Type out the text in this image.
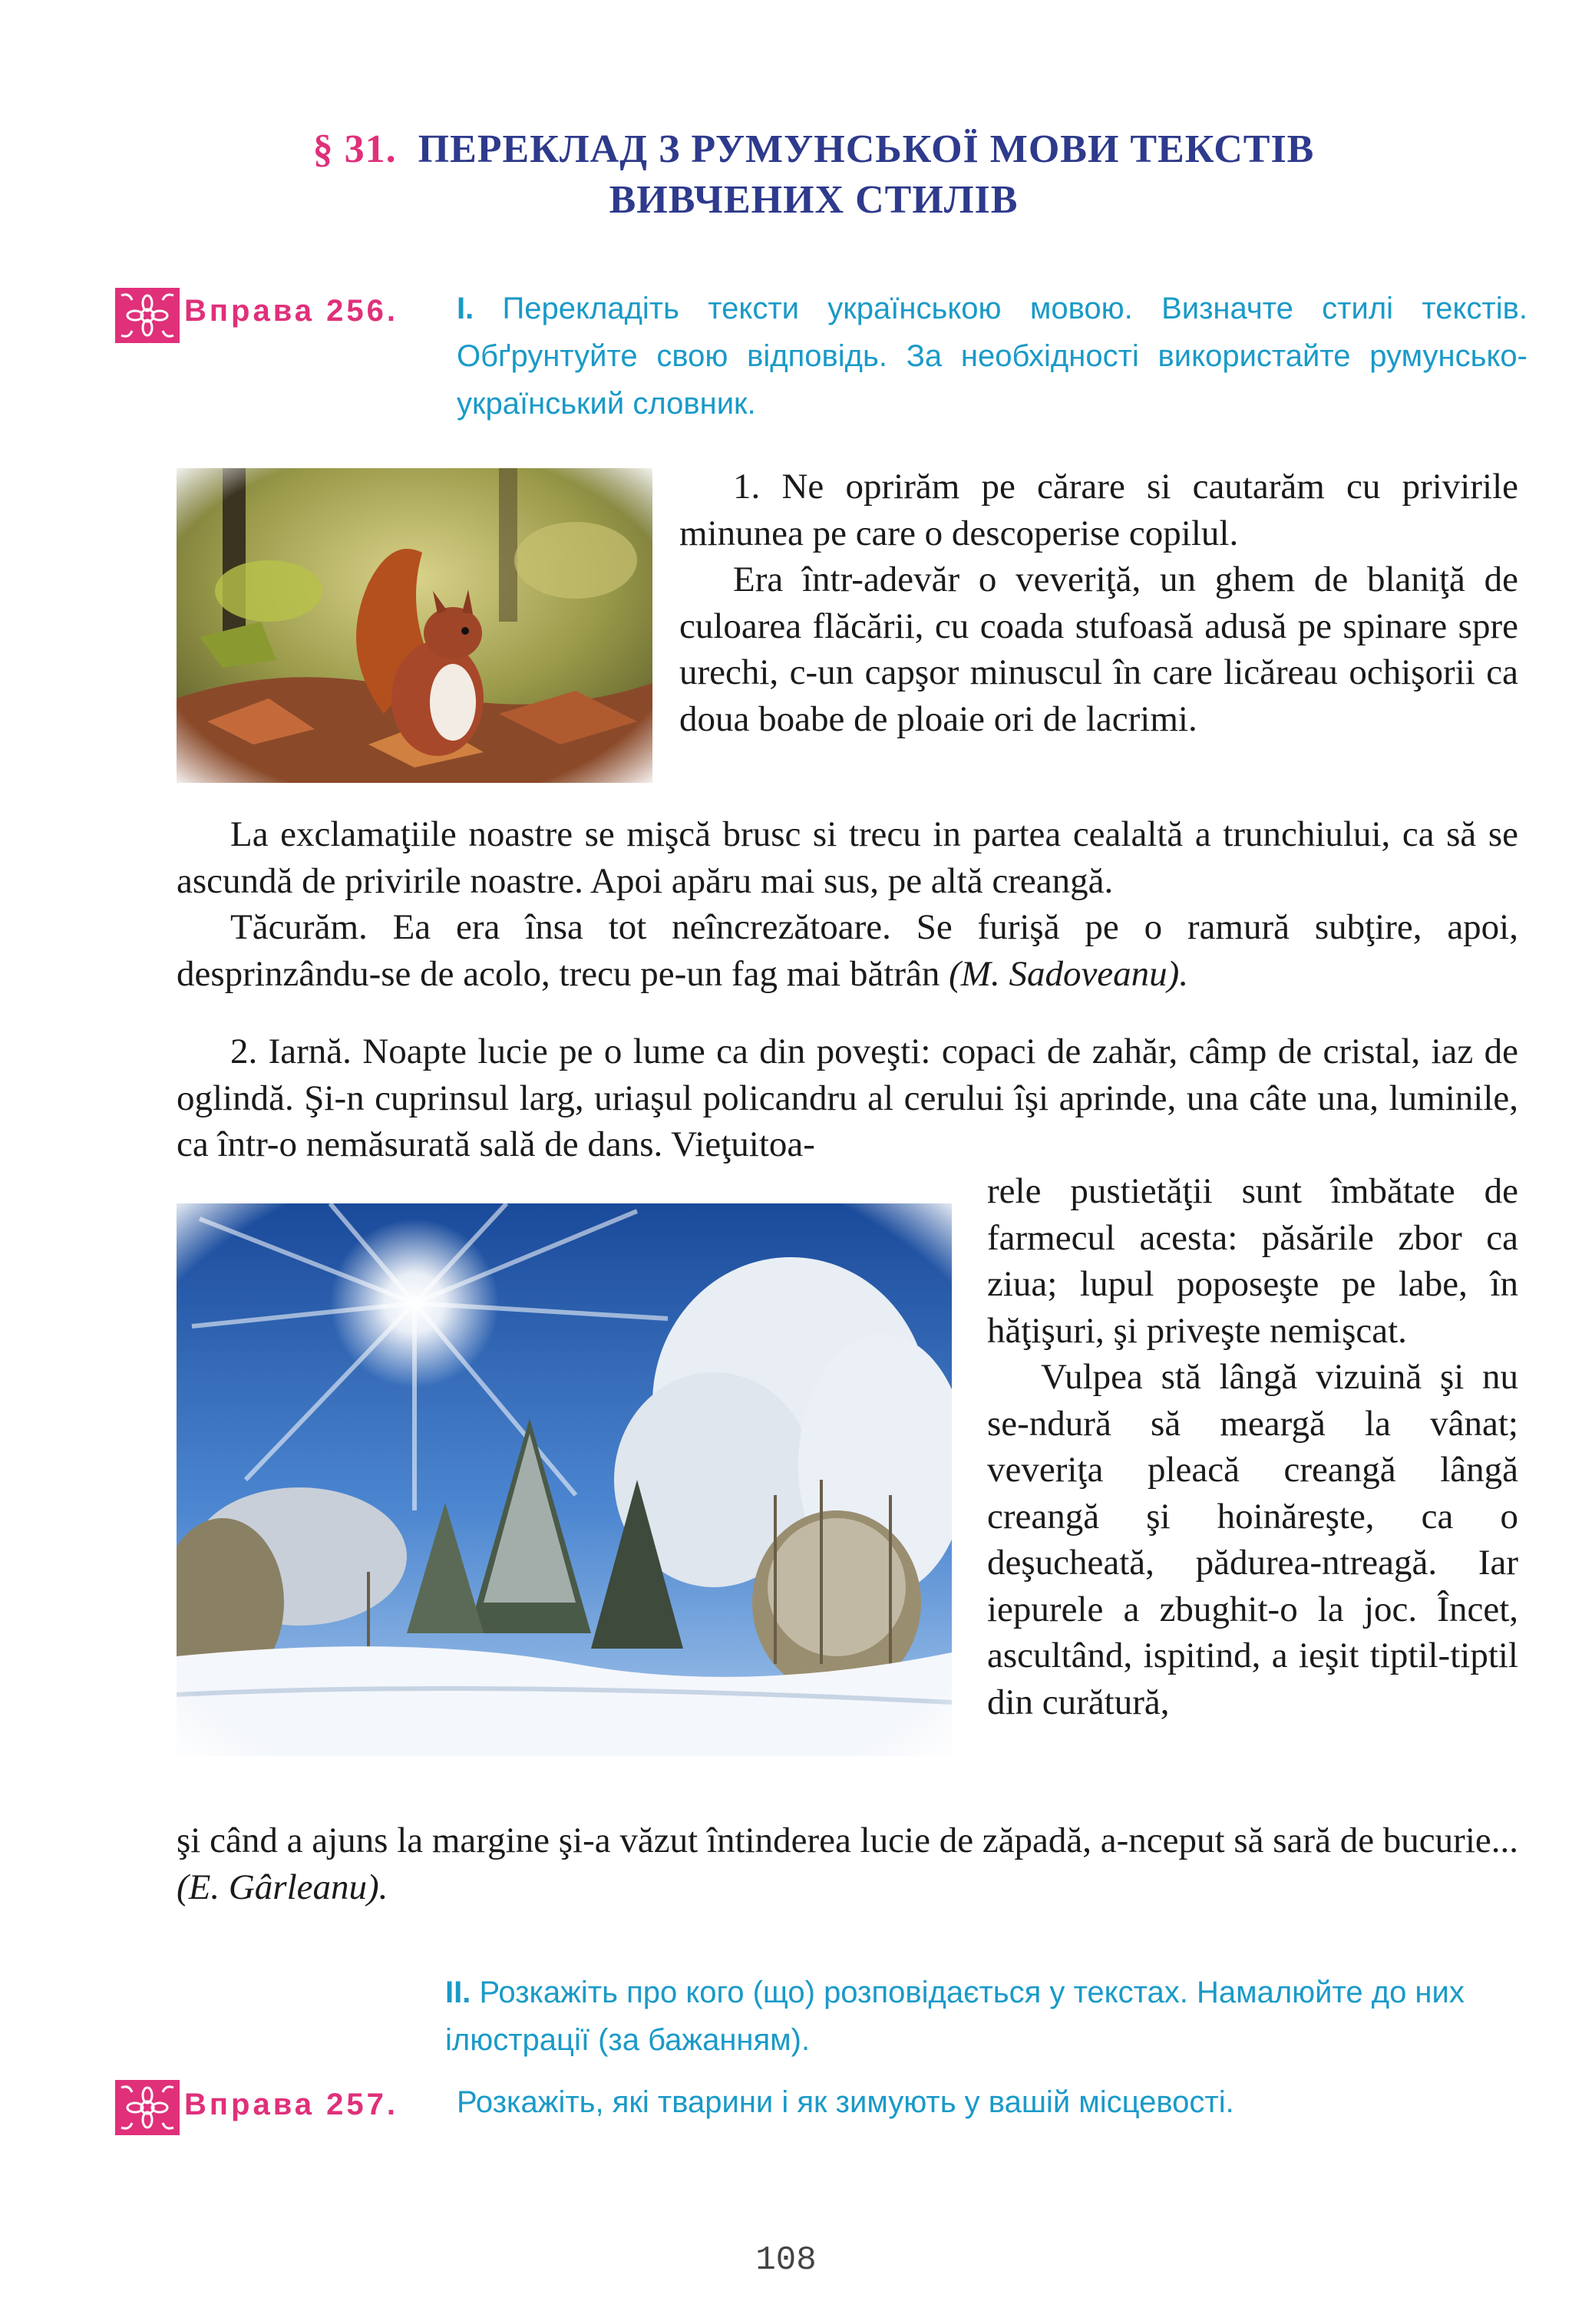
§ 31. ПЕРЕКЛАД З РУМУНСЬКОЇ МОВИ ТЕКСТІВ
ВИВЧЕНИХ СТИЛІВ
Вправа 256. І. Перекладіть тексти українською мовою. Визначте стилі текстів. Обґрунтуйте свою відповідь. За необхідності використайте румунсько-український словник.

1. Ne oprirăm pe cărare si cautarăm cu privirile minunea pe care o descoperise copilul.

Era într-adevăr o veveriţă, un ghem de blaniţă de culoarea flăcării, cu coada stufoasă adusă pe spinare spre urechi, c-un capşor minuscul în care licăreau ochişorii ca doua boabe de ploaie ori de lacrimi.

La exclamaţiile noastre se mişcă brusc si trecu in partea cealaltă a trunchiului, ca să se ascundă de privirile noastre. Apoi apăru mai sus, pe altă creangă.

Tăcurăm. Ea era însa tot neîncrezătoare. Se furişă pe o ramură subţire, apoi, desprinzându-se de acolo, trecu pe-un fag mai bătrân (M. Sadoveanu).

2. Iarnă. Noapte lucie pe o lume ca din poveşti: copaci de zahăr, câmp de cristal, iaz de oglindă. Şi-n cuprinsul larg, uriaşul policandru al cerului îşi aprinde, una câte una, luminile, ca într-o nemăsurată sală de dans. Vieţuitoa-

rele pustietăţii sunt îmbătate de farmecul acesta: păsările zbor ca ziua; lupul poposeşte pe labe, în hăţişuri, şi priveşte nemişcat.

Vulpea stă lângă vizuină şi nu se-ndură să meargă la vânat; veveriţa pleacă creangă lângă creangă şi hoinăreşte, ca o deşucheată, pădurea-ntreagă. Iar iepurele a zbughit-o la joc. Încet, ascultând, ispitind, a ieşit tiptil-tiptil din curătură,

şi când a ajuns la margine şi-a văzut întinderea lucie de zăpadă, a-nceput să sară de bucurie... (E. Gârleanu).

ІІ. Розкажіть про кого (що) розповідається у текстах. Намалюйте до них ілюстрації (за бажанням).
Вправа 257. Розкажіть, які тварини і як зимують у вашій місцевості.
108
